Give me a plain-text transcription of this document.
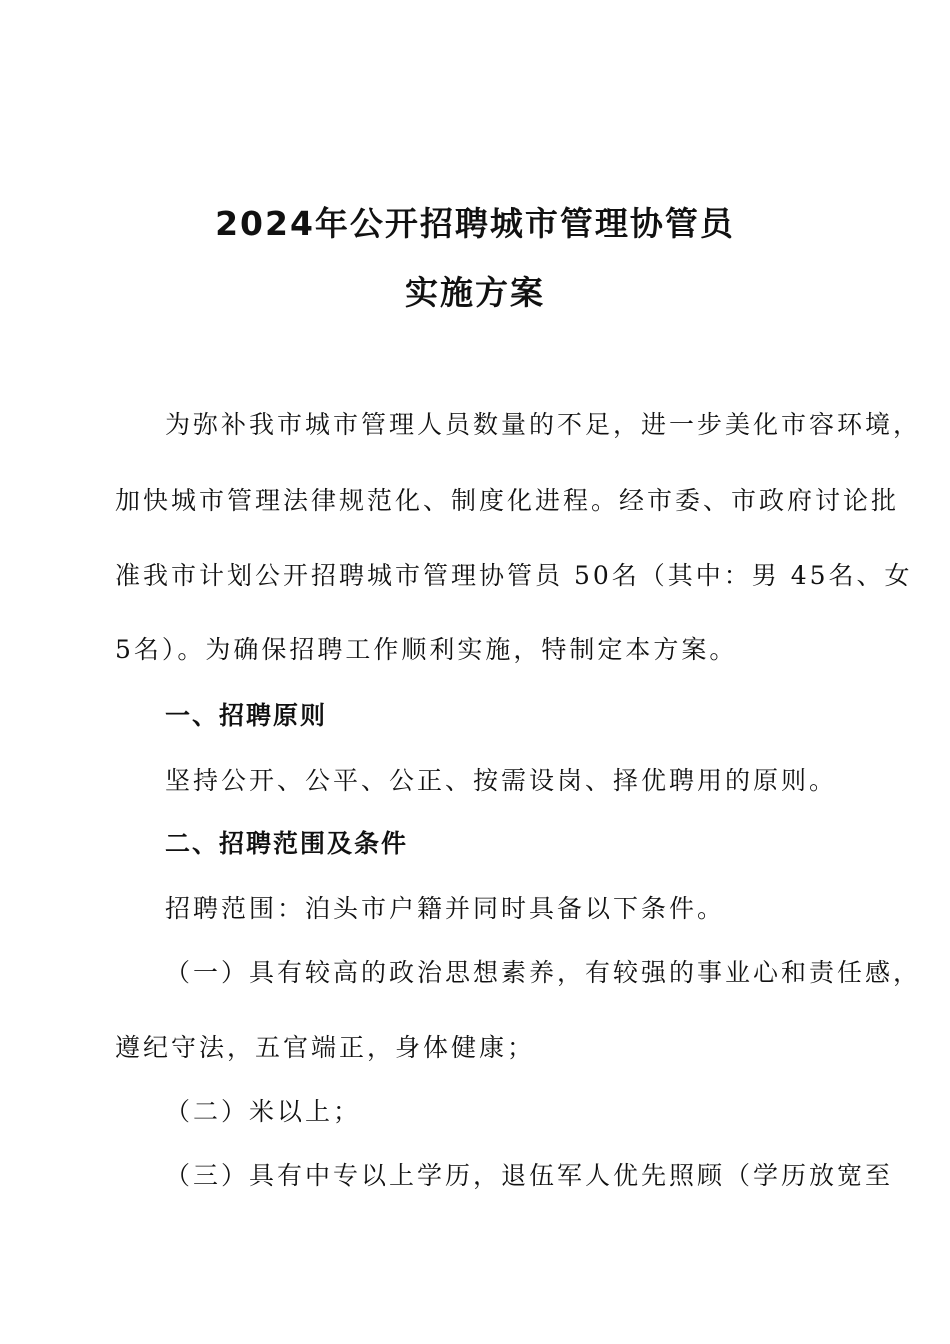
2024年公开招聘城市管理协管员
实施方案
为弥补我市城市管理人员数量的不足，进一步美化市容环境，
加快城市管理法律规范化、制度化进程。经市委、市政府讨论批
准我市计划公开招聘城市管理协管员 50名（其中：男 45名、女
5名）。为确保招聘工作顺利实施，特制定本方案。
一、招聘原则
坚持公开、公平、公正、按需设岗、择优聘用的原则。
二、招聘范围及条件
招聘范围：泊头市户籍并同时具备以下条件。
（一）具有较高的政治思想素养，有较强的事业心和责任感，
遵纪守法，五官端正，身体健康；
（二）米以上；
（三）具有中专以上学历，退伍军人优先照顾（学历放宽至
